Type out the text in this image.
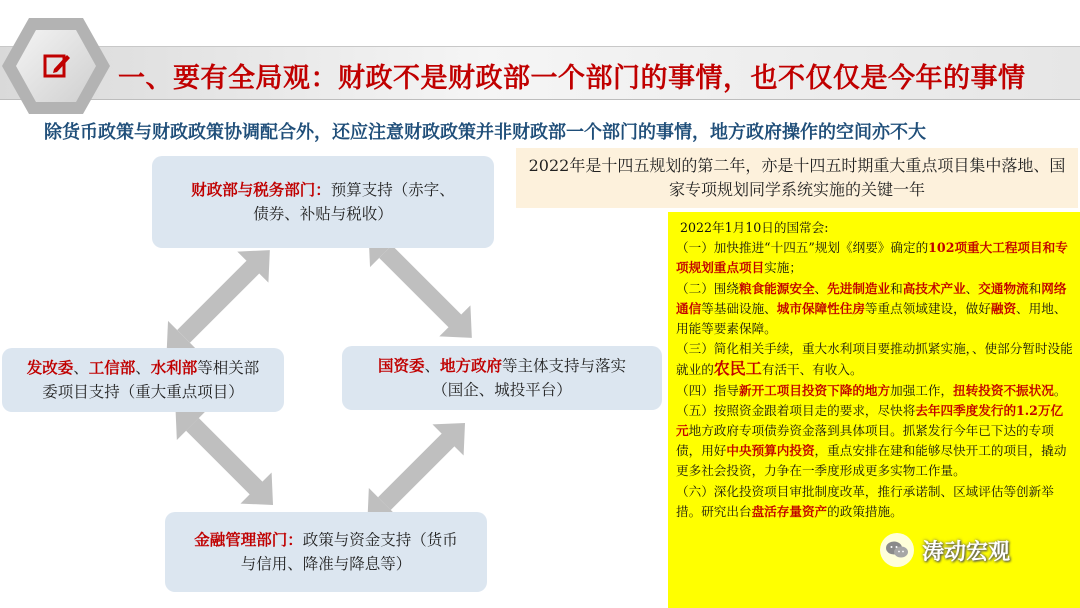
一、要有全局观：财政不是财政部一个部门的事情，也不仅仅是今年的事情
除货币政策与财政政策协调配合外，还应注意财政政策并非财政部一个部门的事情，地方政府操作的空间亦不大
财政部与税务部门：预算支持（赤字、
债券、补贴与税收）
发改委、工信部、水利部等相关部
委项目支持（重大重点项目）
国资委、地方政府等主体支持与落实
（国企、城投平台）
金融管理部门：政策与资金支持（货币
与信用、降准与降息等）
2022年是十四五规划的第二年，亦是十四五时期重大重点项目集中落地、国家专项规划同学系统实施的关键一年

2022年1月10日的国常会:

（一）加快推进“十四五”规划《纲要》确定的102项重大工程项目和专项规划重点项目实施；

（二）围绕粮食能源安全、先进制造业和高技术产业、交通物流和网络通信等基础设施、城市保障性住房等重点领域建设，做好融资、用地、用能等要素保障。

（三）简化相关手续，重大水利项目要推动抓紧实施，、使部分暂时没能就业的农民工有活干、有收入。

（四）指导新开工项目投资下降的地方加强工作，扭转投资不振状况。

（五）按照资金跟着项目走的要求，尽快将去年四季度发行的1.2万亿元地方政府专项债券资金落到具体项目。抓紧发行今年已下达的专项债，用好中央预算内投资，重点安排在建和能够尽快开工的项目，撬动更多社会投资，力争在一季度形成更多实物工作量。

（六）深化投资项目审批制度改革，推行承诺制、区域评估等创新举措。研究出台盘活存量资产的政策措施。

涛动宏观
